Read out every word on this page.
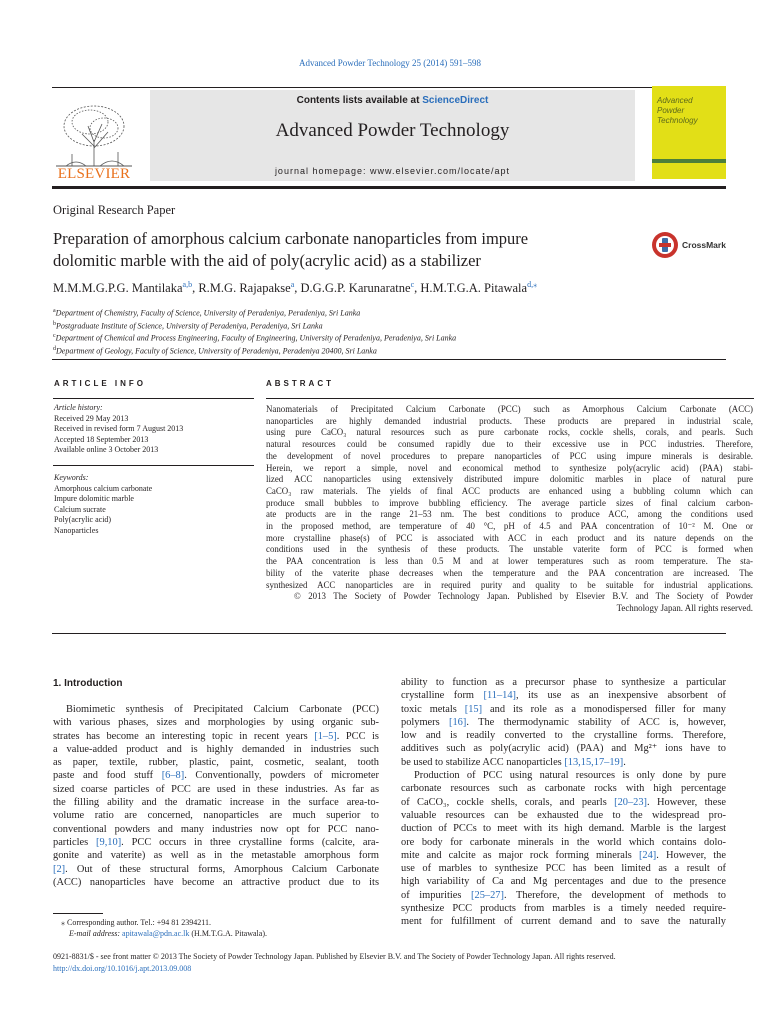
Advanced Powder Technology 25 (2014) 591–598
ELSEVIER
Contents lists available at ScienceDirect
Advanced Powder Technology
journal homepage: www.elsevier.com/locate/apt
Advanced
Powder
Technology
Original Research Paper
Preparation of amorphous calcium carbonate nanoparticles from impure
dolomitic marble with the aid of poly(acrylic acid) as a stabilizer
CrossMark
M.M.M.G.P.G. Mantilaka$^{a,b}$, R.M.G. Rajapakse$^a$, D.G.G.P. Karunaratne$^c$, H.M.T.G.A. Pitawala$^{d,⁎}$
$^a$Department of Chemistry, Faculty of Science, University of Peradeniya, Peradeniya, Sri Lanka
$^b$Postgraduate Institute of Science, University of Peradeniya, Peradeniya, Sri Lanka
$^c$Department of Chemical and Process Engineering, Faculty of Engineering, University of Peradeniya, Peradeniya, Sri Lanka
$^d$Department of Geology, Faculty of Science, University of Peradeniya, Peradeniya 20400, Sri Lanka
ARTICLE INFO
Article history:
Received 29 May 2013
Received in revised form 7 August 2013
Accepted 18 September 2013
Available online 3 October 2013
Keywords:
Amorphous calcium carbonate
Impure dolomitic marble
Calcium sucrate
Poly(acrylic acid)
Nanoparticles
ABSTRACT
Nanomaterials of Precipitated Calcium Carbonate (PCC) such as Amorphous Calcium Carbonate (ACC)
nanoparticles are highly demanded industrial products. These products are prepared in industrial scale,
using pure CaCO₃ natural resources such as pure carbonate rocks, cockle shells, corals, and pearls. Such
natural resources could be consumed rapidly due to their excessive use in PCC industries. Therefore,
the development of novel procedures to prepare nanoparticles of PCC using impure minerals is desirable.
Herein, we report a simple, novel and economical method to synthesize poly(acrylic acid) (PAA) stabi-
lized ACC nanoparticles using extensively distributed impure dolomitic marbles in place of natural pure
CaCO₃ raw materials. The yields of final ACC products are enhanced using a bubbling column which can
produce small bubbles to improve bubbling efficiency. The average particle sizes of final calcium carbon-
ate products are in the range 21–53 nm. The best conditions to produce ACC, among the conditions used
in the proposed method, are temperature of 40 °C, pH of 4.5 and PAA concentration of 10⁻² M. One or
more crystalline phase(s) of PCC is associated with ACC in each product and its nature depends on the
conditions used in the synthesis of these products. The unstable vaterite form of PCC is formed when
the PAA concentration is less than 0.5 M and at lower temperatures such as room temperature. The sta-
bility of the vaterite phase decreases when the temperature and the PAA concentration are increased. The
synthesized ACC nanoparticles are in required purity and quality to be suitable for industrial applications.
© 2013 The Society of Powder Technology Japan. Published by Elsevier B.V. and The Society of Powder
Technology Japan. All rights reserved.
1. Introduction
Biomimetic synthesis of Precipitated Calcium Carbonate (PCC)
with various phases, sizes and morphologies by using organic sub-
strates has become an interesting topic in recent years [1–5]. PCC is
a value-added product and is highly demanded in industries such
as paper, textile, rubber, plastic, paint, cosmetic, sealant, tooth
paste and food stuff [6–8]. Conventionally, powders of micrometer
sized coarse particles of PCC are used in these industries. As far as
the filling ability and the dramatic increase in the surface area-to-
volume ratio are concerned, nanoparticles are much superior to
conventional powders and many industries now opt for PCC nano-
particles [9,10]. PCC occurs in three crystalline forms (calcite, ara-
gonite and vaterite) as well as in the metastable amorphous form
[2]. Out of these structural forms, Amorphous Calcium Carbonate
(ACC) nanoparticles have become an attractive product due to its
ability to function as a precursor phase to synthesize a particular
crystalline form [11–14], its use as an inexpensive absorbent of
toxic metals [15] and its role as a monodispersed filler for many
polymers [16]. The thermodynamic stability of ACC is, however,
low and is readily converted to the crystalline forms. Therefore,
additives such as poly(acrylic acid) (PAA) and Mg²⁺ ions have to
be used to stabilize ACC nanoparticles [13,15,17–19].
Production of PCC using natural resources is only done by pure
carbonate resources such as carbonate rocks with high percentage
of CaCO₃, cockle shells, corals, and pearls [20–23]. However, these
valuable resources can be exhausted due to the widespread pro-
duction of PCCs to meet with its high demand. Marble is the largest
ore body for carbonate minerals in the world which contains dolo-
mite and calcite as major rock forming minerals [24]. However, the
use of marbles to synthesize PCC has been limited as a result of
high variability of Ca and Mg percentages and due to the presence
of impurities [25–27]. Therefore, the development of methods to
synthesize PCC products from marbles is a timely needed require-
ment for fulfillment of current demand and to save the naturally
⁎ Corresponding author. Tel.: +94 81 2394211.
E-mail address: apitawala@pdn.ac.lk (H.M.T.G.A. Pitawala).
0921-8831/$ - see front matter © 2013 The Society of Powder Technology Japan. Published by Elsevier B.V. and The Society of Powder Technology Japan. All rights reserved.
http://dx.doi.org/10.1016/j.apt.2013.09.008
